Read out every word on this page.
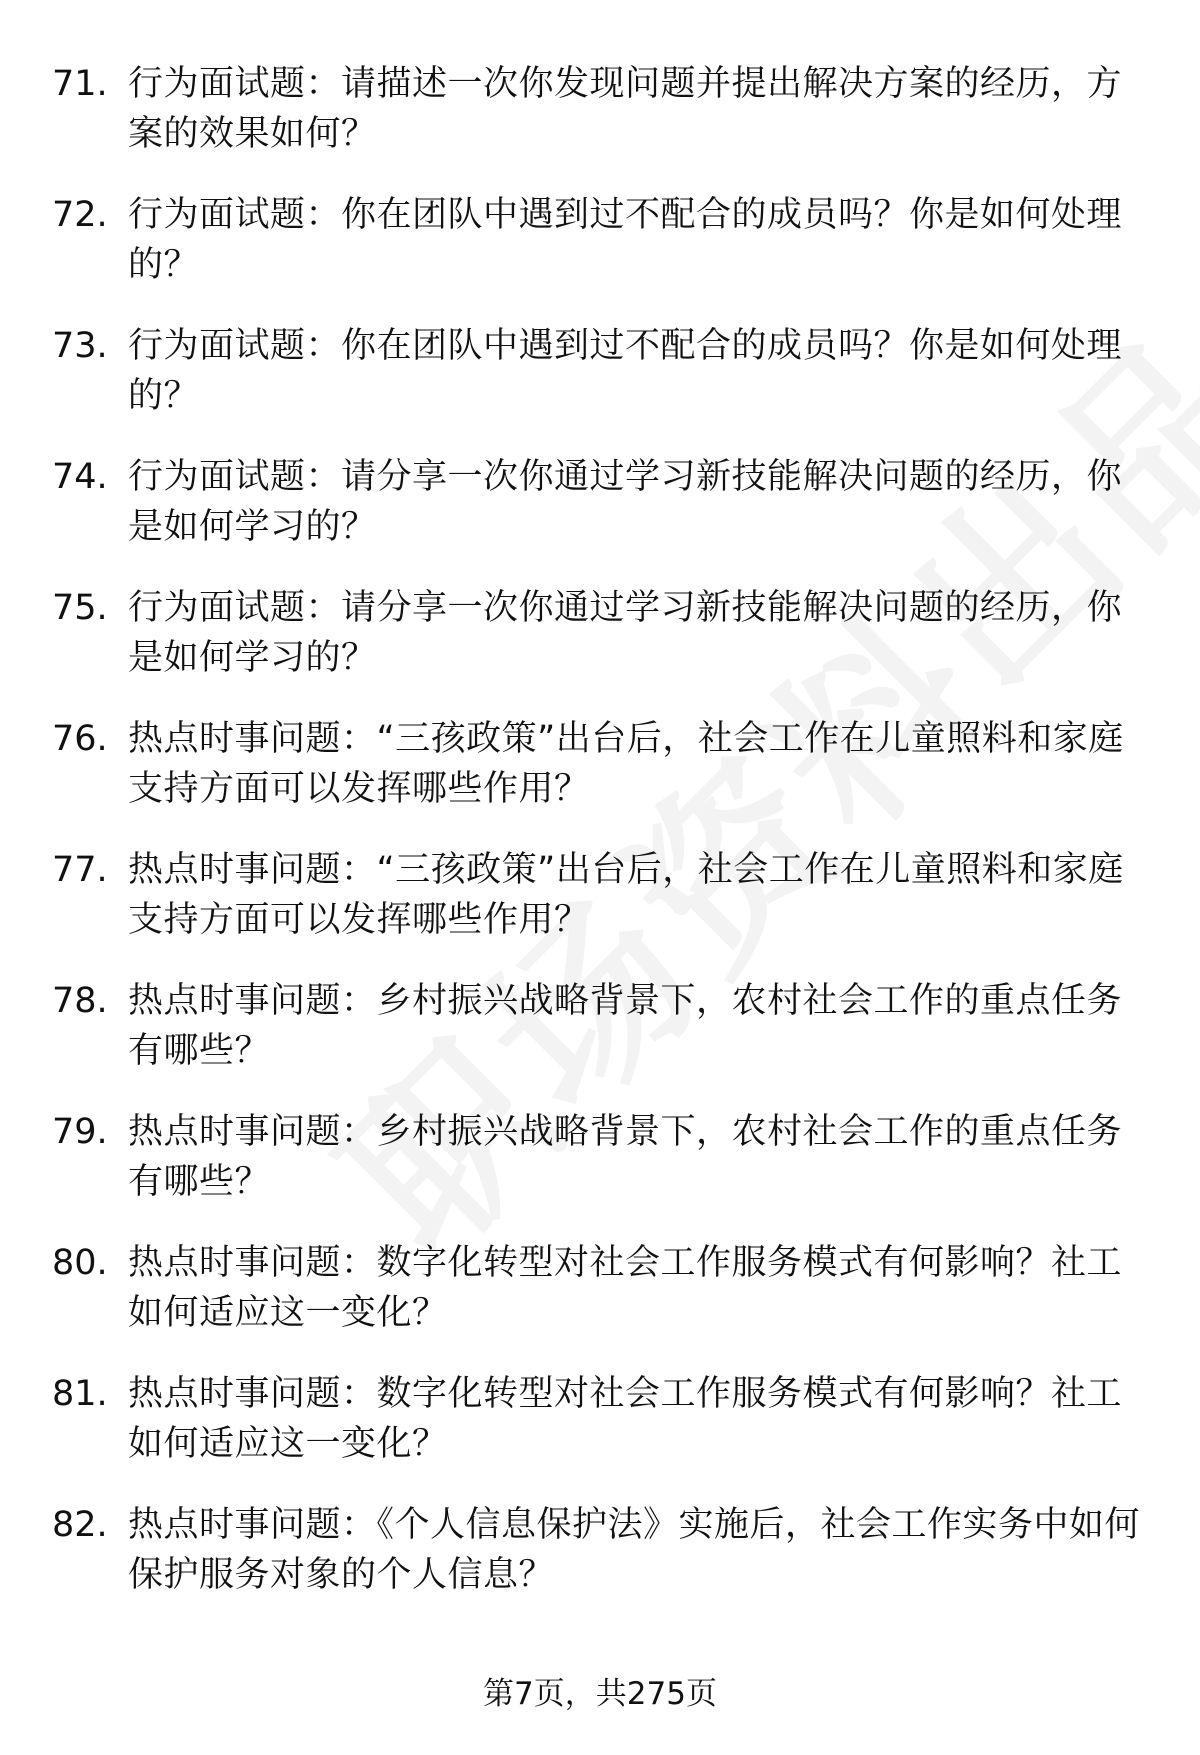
71. 行为面试题：请描述一次你发现问题并提出解决方案的经历，方案的效果如何？
72. 行为面试题：你在团队中遇到过不配合的成员吗？你是如何处理的？
73. 行为面试题：你在团队中遇到过不配合的成员吗？你是如何处理的？
74. 行为面试题：请分享一次你通过学习新技能解决问题的经历，你是如何学习的？
75. 行为面试题：请分享一次你通过学习新技能解决问题的经历，你是如何学习的？
76. 热点时事问题：“三孩政策”出台后，社会工作在儿童照料和家庭支持方面可以发挥哪些作用？
77. 热点时事问题：“三孩政策”出台后，社会工作在儿童照料和家庭支持方面可以发挥哪些作用？
78. 热点时事问题：乡村振兴战略背景下，农村社会工作的重点任务有哪些？
79. 热点时事问题：乡村振兴战略背景下，农村社会工作的重点任务有哪些？
80. 热点时事问题：数字化转型对社会工作服务模式有何影响？社工如何适应这一变化？
81. 热点时事问题：数字化转型对社会工作服务模式有何影响？社工如何适应这一变化？
82. 热点时事问题：《个人信息保护法》实施后，社会工作实务中如何保护服务对象的个人信息？
第7页，共275页
